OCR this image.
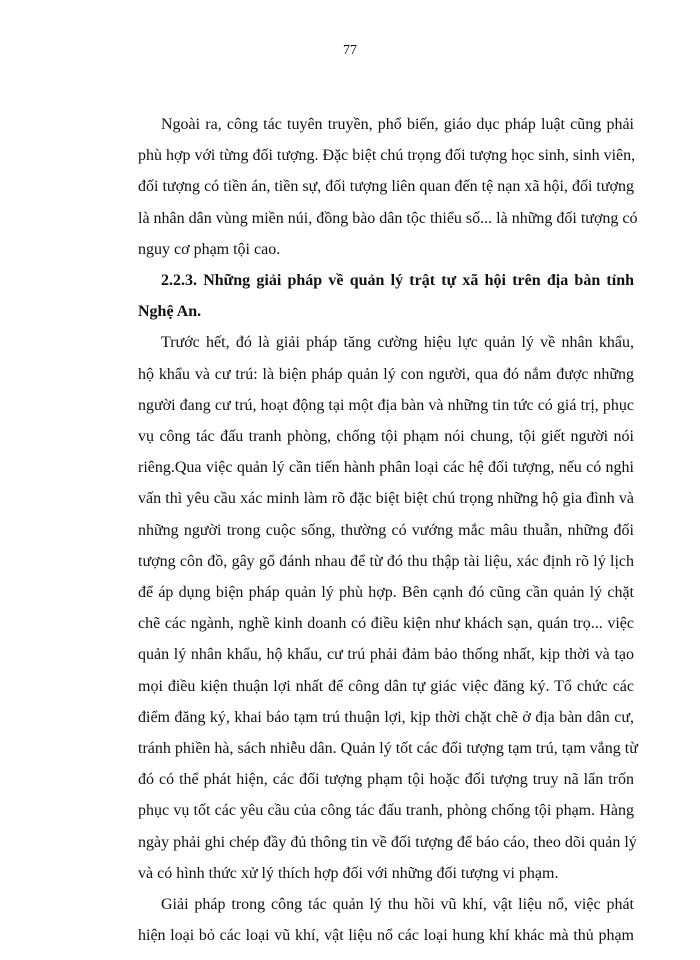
77
Ngoài ra, công tác tuyên truyền, phổ biến, giáo dục pháp luật cũng phải
phù hợp với từng đối tượng. Đặc biệt chú trọng đối tượng học sinh, sinh viên,
đối tượng có tiền án, tiền sự, đối tượng liên quan đến tệ nạn xã hội, đối tượng
là nhân dân vùng miền núi, đồng bào dân tộc thiểu số... là những đối tượng có
nguy cơ phạm tội cao.
2.2.3. Những giải pháp về quản lý trật tự xã hội trên địa bàn tỉnh
Nghệ An.
Trước hết, đó là giải pháp tăng cường hiệu lực quản lý về nhân khẩu,
hộ khẩu và cư trú: là biện pháp quản lý con người, qua đó nắm được những
người đang cư trú, hoạt động tại một địa bàn và những tin tức có giá trị, phục
vụ công tác đấu tranh phòng, chống tội phạm nói chung, tội giết người nói
riêng.Qua việc quản lý cần tiến hành phân loại các hệ đối tượng, nếu có nghi
vấn thì yêu cầu xác minh làm rõ đặc biệt biệt chú trọng những hộ gia đình và
những người trong cuộc sống, thường có vướng mắc mâu thuẫn, những đối
tượng côn đồ, gây gổ đánh nhau để từ đó thu thập tài liệu, xác định rõ lý lịch
để áp dụng biện pháp quản lý phù hợp. Bên cạnh đó cũng cần quản lý chặt
chẽ các ngành, nghề kinh doanh có điều kiện như khách sạn, quán trọ... việc
quản lý nhân khẩu, hộ khẩu, cư trú phải đảm bảo thống nhất, kịp thời và tạo
mọi điều kiện thuận lợi nhất để công dân tự giác việc đăng ký. Tổ chức các
điểm đăng ký, khai báo tạm trú thuận lợi, kịp thời chặt chẽ ở địa bàn dân cư,
tránh phiền hà, sách nhiễu dân. Quản lý tốt các đối tượng tạm trú, tạm vắng từ
đó có thể phát hiện, các đối tượng phạm tội hoặc đối tượng truy nã lẩn trốn
phục vụ tốt các yêu cầu của công tác đấu tranh, phòng chống tội phạm. Hàng
ngày phải ghi chép đầy đủ thông tin về đối tượng để báo cáo, theo dõi quản lý
và có hình thức xử lý thích hợp đối với những đối tượng vi phạm.
Giải pháp trong công tác quản lý thu hồi vũ khí, vật liệu nổ, việc phát
hiện loại bỏ các loại vũ khí, vật liệu nổ các loại hung khí khác mà thủ phạm
